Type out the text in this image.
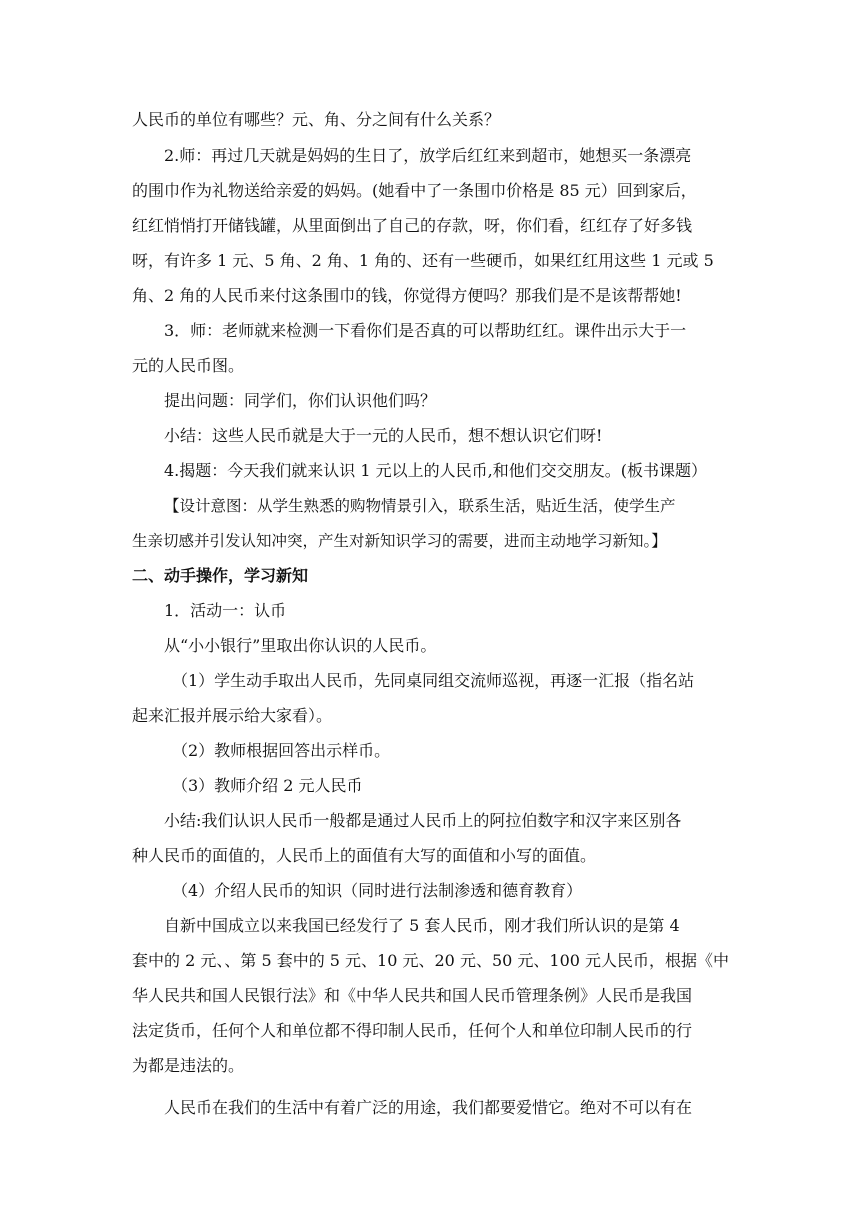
人民币的单位有哪些？元、角、分之间有什么关系？
2.师：再过几天就是妈妈的生日了，放学后红红来到超市，她想买一条漂亮
的围巾作为礼物送给亲爱的妈妈。(她看中了一条围巾价格是 85 元）回到家后，
红红悄悄打开储钱罐，从里面倒出了自己的存款，呀，你们看，红红存了好多钱
呀，有许多 1 元、5 角、2 角、1 角的、还有一些硬币，如果红红用这些 1 元或 5
角、2 角的人民币来付这条围巾的钱，你觉得方便吗？那我们是不是该帮帮她!
3．师：老师就来检测一下看你们是否真的可以帮助红红。课件出示大于一
元的人民币图。
提出问题：同学们，你们认识他们吗？
小结：这些人民币就是大于一元的人民币，想不想认识它们呀!
4.揭题：今天我们就来认识 1 元以上的人民币,和他们交交朋友。(板书课题）
【设计意图：从学生熟悉的购物情景引入，联系生活，贴近生活，使学生产
生亲切感并引发认知冲突，产生对新知识学习的需要，进而主动地学习新知。】
二、动手操作，学习新知
1．活动一：认币
从“小小银行”里取出你认识的人民币。
（1）学生动手取出人民币，先同桌同组交流师巡视，再逐一汇报（指名站
起来汇报并展示给大家看）。
（2）教师根据回答出示样币。
（3）教师介绍 2 元人民币
小结:我们认识人民币一般都是通过人民币上的阿拉伯数字和汉字来区别各
种人民币的面值的，人民币上的面值有大写的面值和小写的面值。
（4）介绍人民币的知识（同时进行法制渗透和德育教育）
自新中国成立以来我国已经发行了 5 套人民币，刚才我们所认识的是第 4
套中的 2 元、、第 5 套中的 5 元、10 元、20 元、50 元、100 元人民币，根据《中
华人民共和国人民银行法》和《中华人民共和国人民币管理条例》人民币是我国
法定货币，任何个人和单位都不得印制人民币，任何个人和单位印制人民币的行
为都是违法的。
人民币在我们的生活中有着广泛的用途，我们都要爱惜它。绝对不可以有在
